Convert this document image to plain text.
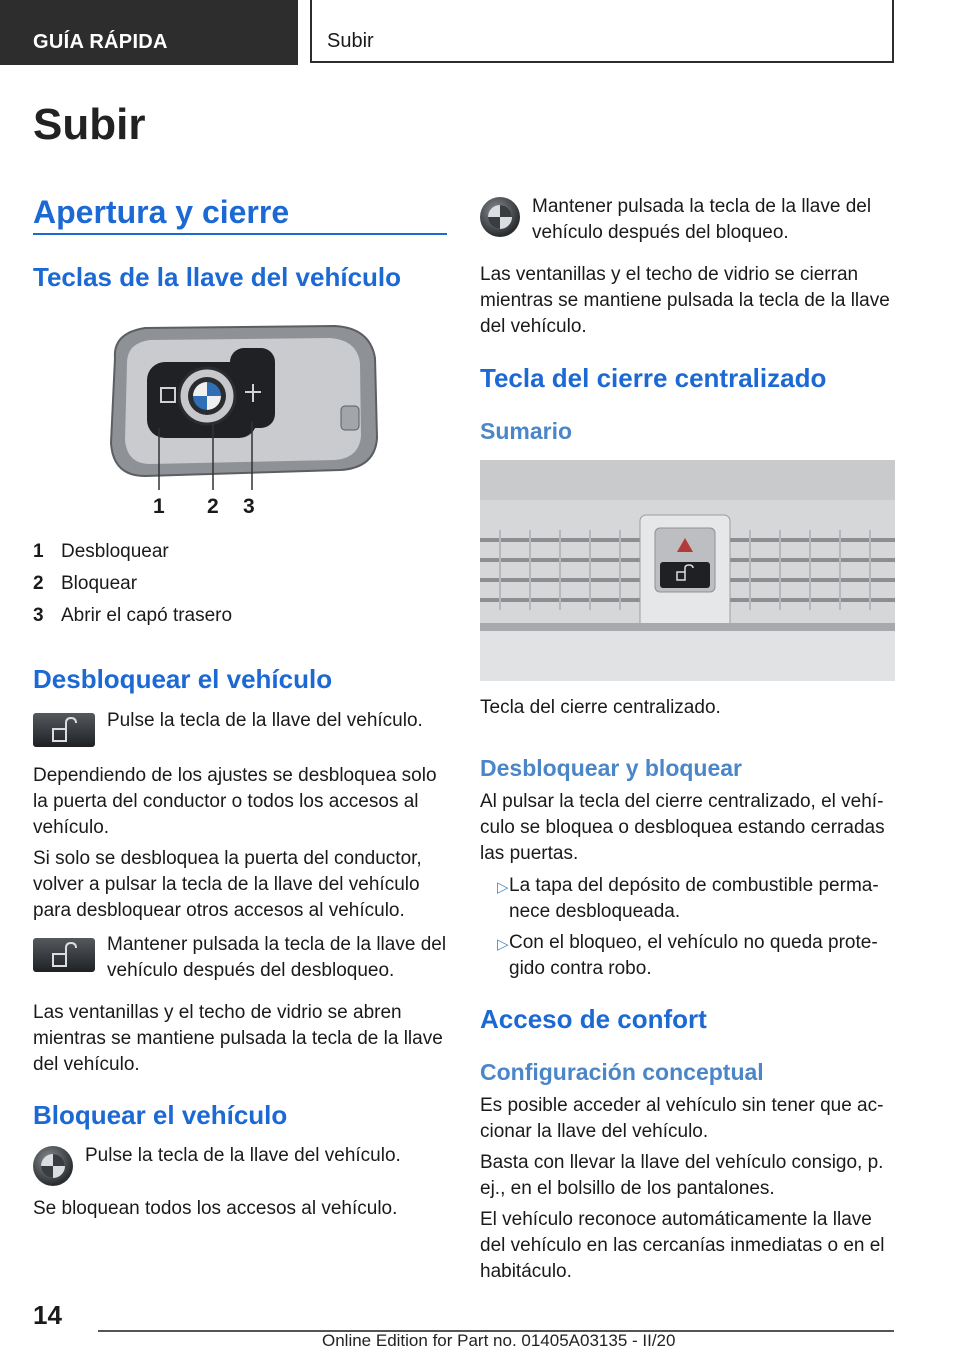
GUÍA RÁPIDA	Subir
Subir
Apertura y cierre
Teclas de la llave del vehículo
1 2 3
1 Desbloquear
2 Bloquear
3 Abrir el capó trasero
Desbloquear el vehículo

Pulse la tecla de la llave del vehículo.

Dependiendo de los ajustes se desbloquea solo la puerta del conductor o todos los accesos al vehículo.

Si solo se desbloquea la puerta del conductor, volver a pulsar la tecla de la llave del vehículo para desbloquear otros accesos al vehículo.

Mantener pulsada la tecla de la llave del vehículo después del desbloqueo.

Las ventanillas y el techo de vidrio se abren mientras se mantiene pulsada la tecla de la llave del vehículo.

Bloquear el vehículo

Pulse la tecla de la llave del vehículo.

Se bloquean todos los accesos al vehículo.

Mantener pulsada la tecla de la llave del vehículo después del bloqueo.

Las ventanillas y el techo de vidrio se cierran mientras se mantiene pulsada la tecla de la llave del vehículo.

Tecla del cierre centralizado
Sumario

Tecla del cierre centralizado.

Desbloquear y bloquear

Al pulsar la tecla del cierre centralizado, el vehí-culo se bloquea o desbloquea estando cerradas las puertas.

▷ La tapa del depósito de combustible perma-nece desbloqueada.

▷ Con el bloqueo, el vehículo no queda prote-gido contra robo.

Acceso de confort
Configuración conceptual

Es posible acceder al vehículo sin tener que ac-cionar la llave del vehículo.

Basta con llevar la llave del vehículo consigo, p. ej., en el bolsillo de los pantalones.

El vehículo reconoce automáticamente la llave del vehículo en las cercanías inmediatas o en el habitáculo.

14
Online Edition for Part no. 01405A03135 - II/20
